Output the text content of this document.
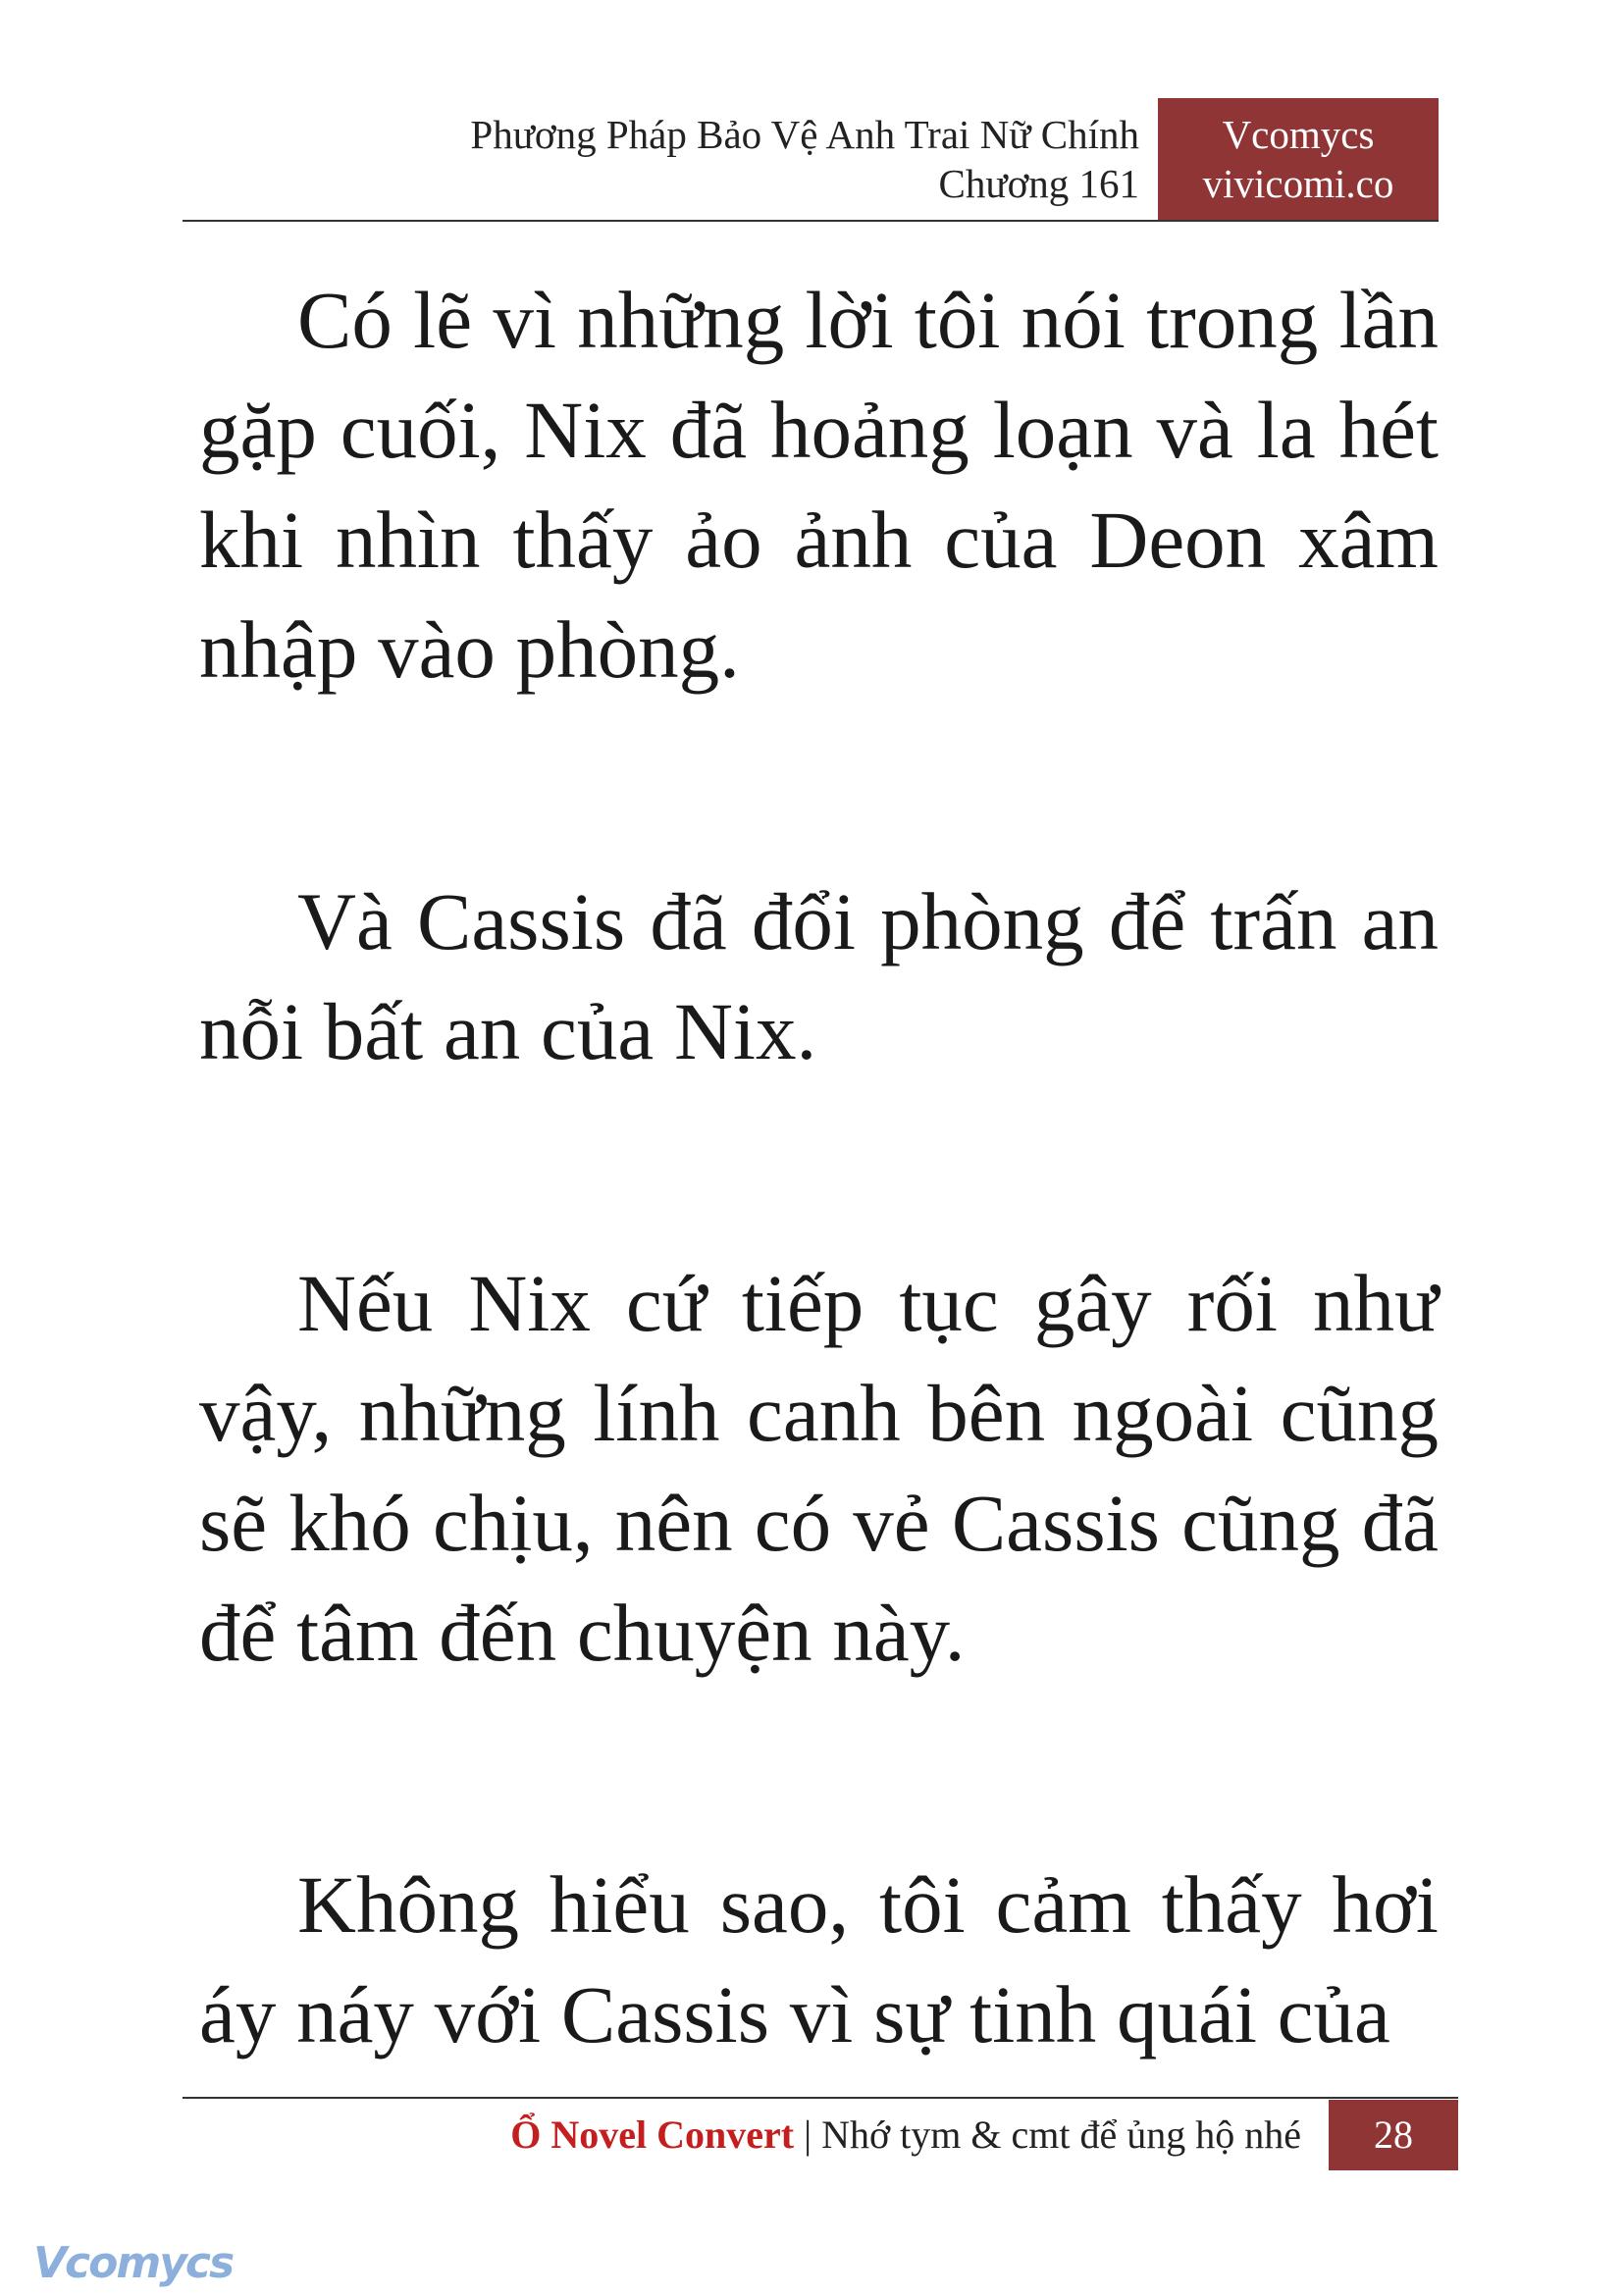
Phương Pháp Bảo Vệ Anh Trai Nữ Chính
Chương 161
Vcomycs
vivicomi.co

Có lẽ vì những lời tôi nói trong lần gặp cuối, Nix đã hoảng loạn và la hét khi nhìn thấy ảo ảnh của Deon xâm nhập vào phòng.

Và Cassis đã đổi phòng để trấn an nỗi bất an của Nix.

Nếu Nix cứ tiếp tục gây rối như vậy, những lính canh bên ngoài cũng sẽ khó chịu, nên có vẻ Cassis cũng đã để tâm đến chuyện này.

Không hiểu sao, tôi cảm thấy hơi áy náy với Cassis vì sự tinh quái của

Ổ Novel Convert | Nhớ tym & cmt để ủng hộ nhé	28
Vcomycs
